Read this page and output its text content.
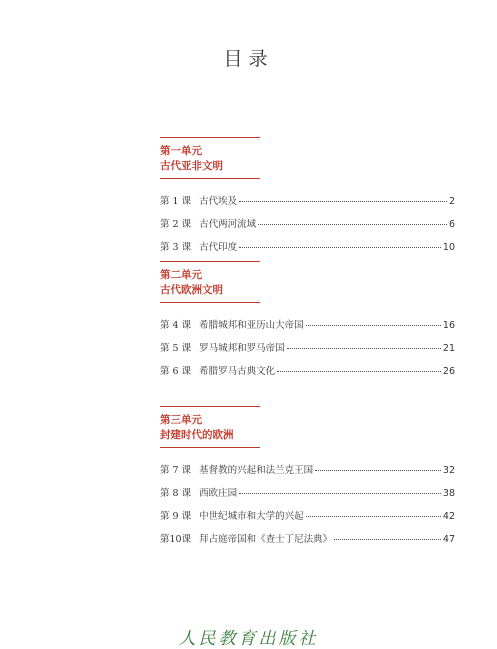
目录
第一单元
古代亚非文明
第 1 课 古代埃及	2
第 2 课 古代两河流域	6
第 3 课 古代印度	10
第二单元
古代欧洲文明
第 4 课 希腊城邦和亚历山大帝国	16
第 5 课 罗马城邦和罗马帝国	21
第 6 课 希腊罗马古典文化	26
第三单元
封建时代的欧洲
第 7 课 基督教的兴起和法兰克王国	32
第 8 课 西欧庄园	38
第 9 课 中世纪城市和大学的兴起	42
第10课 拜占庭帝国和《查士丁尼法典》	47
人民教育出版社
